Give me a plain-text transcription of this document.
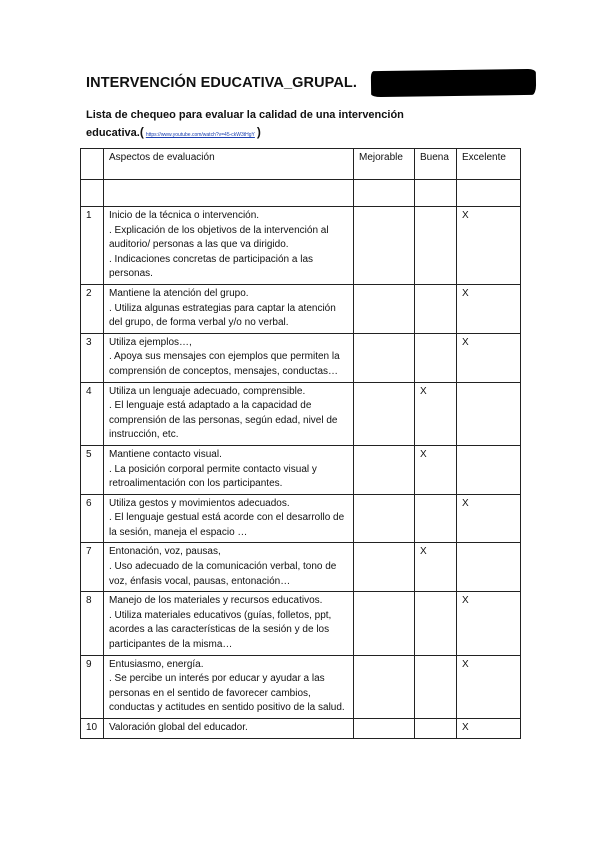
INTERVENCIÓN EDUCATIVA_GRUPAL.
Lista de chequeo para evaluar la calidad de una intervención
educativa. ( https://www.youtube.com/watch?v=45-ckW3tHgY )
	Aspectos de evaluación	Mejorable	Buena	Excelente

1	Inicio de la técnica o intervención.
. Explicación de los objetivos de la intervención al auditorio/ personas a las que va dirigido.
. Indicaciones concretas de participación a las personas.			X
2	Mantiene la atención del grupo.
. Utiliza algunas estrategias para captar la atención del grupo, de forma verbal y/o no verbal.			X
3	Utiliza ejemplos…,
. Apoya sus mensajes con ejemplos que permiten la comprensión de conceptos, mensajes, conductas…			X
4	Utiliza un lenguaje adecuado, comprensible.
. El lenguaje está adaptado a la capacidad de comprensión de las personas, según edad, nivel de instrucción, etc.		X	
5	Mantiene contacto visual.
. La posición corporal permite contacto visual y retroalimentación con los participantes.		X	
6	Utiliza gestos y movimientos adecuados.
. El lenguaje gestual está acorde con el desarrollo de la sesión, maneja el espacio …			X
7	Entonación, voz, pausas,
. Uso adecuado de la comunicación verbal, tono de voz, énfasis vocal, pausas, entonación…		X	
8	Manejo de los materiales y recursos educativos.
. Utiliza materiales educativos (guías, folletos, ppt, acordes a las características de la sesión y de los participantes de la misma…			X
9	Entusiasmo, energía.
. Se percibe un interés por educar y ayudar a las personas en el sentido de favorecer cambios, conductas y actitudes en sentido positivo de la salud.			X
10	Valoración global del educador.			X
